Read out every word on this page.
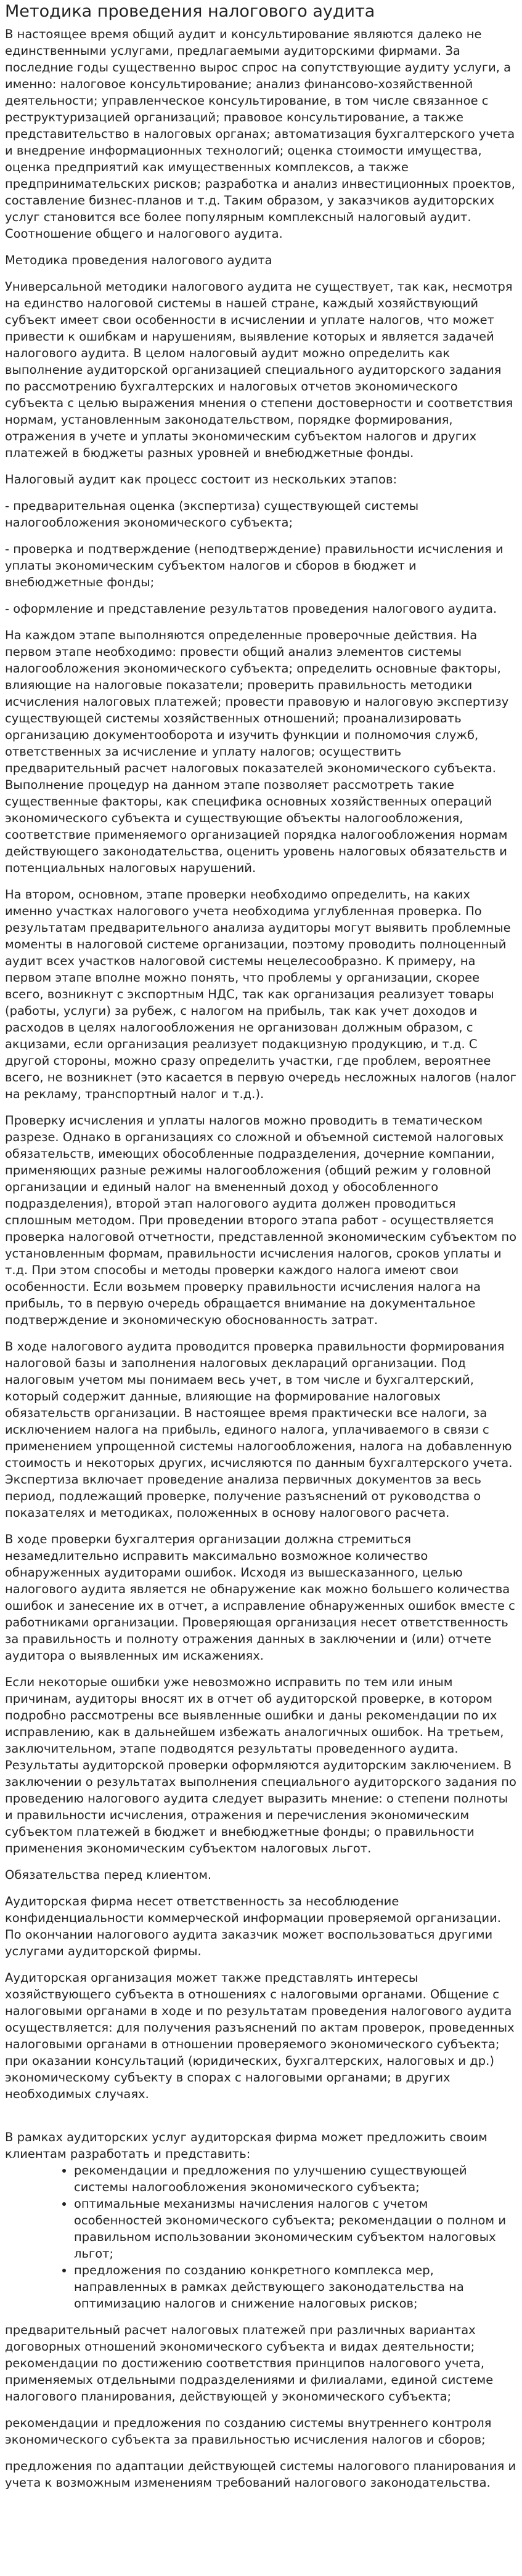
Методика проведения налогового аудита

В настоящее время общий аудит и консультирование являются далеко не единственными услугами, предлагаемыми аудиторскими фирмами. За последние годы существенно вырос спрос на сопутствующие аудиту услуги, а именно: налоговое консультирование; анализ финансово-хозяйственной деятельности; управленческое консультирование, в том числе связанное с реструктуризацией организаций; правовое консультирование, а также представительство в налоговых органах; автоматизация бухгалтерского учета и внедрение информационных технологий; оценка стоимости имущества, оценка предприятий как имущественных комплексов, а также предпринимательских рисков; разработка и анализ инвестиционных проектов, составление бизнес-планов и т.д. Таким образом, у заказчиков аудиторских услуг становится все более популярным комплексный налоговый аудит. Соотношение общего и налогового аудита.

Методика проведения налогового аудита

Универсальной методики налогового аудита не существует, так как, несмотря на единство налоговой системы в нашей стране, каждый хозяйствующий субъект имеет свои особенности в исчислении и уплате налогов, что может привести к ошибкам и нарушениям, выявление которых и является задачей налогового аудита. В целом налоговый аудит можно определить как выполнение аудиторской организацией специального аудиторского задания по рассмотрению бухгалтерских и налоговых отчетов экономического субъекта с целью выражения мнения о степени достоверности и соответствия нормам, установленным законодательством, порядке формирования, отражения в учете и уплаты экономическим субъектом налогов и других платежей в бюджеты разных уровней и внебюджетные фонды.

Налоговый аудит как процесс состоит из нескольких этапов:

- предварительная оценка (экспертиза) существующей системы налогообложения экономического субъекта;

- проверка и подтверждение (неподтверждение) правильности исчисления и уплаты экономическим субъектом налогов и сборов в бюджет и внебюджетные фонды;

- оформление и представление результатов проведения налогового аудита.

На каждом этапе выполняются определенные проверочные действия. На первом этапе необходимо: провести общий анализ элементов системы налогообложения экономического субъекта; определить основные факторы, влияющие на налоговые показатели; проверить правильность методики исчисления налоговых платежей; провести правовую и налоговую экспертизу существующей системы хозяйственных отношений; проанализировать организацию документооборота и изучить функции и полномочия служб, ответственных за исчисление и уплату налогов; осуществить предварительный расчет налоговых показателей экономического субъекта. Выполнение процедур на данном этапе позволяет рассмотреть такие существенные факторы, как специфика основных хозяйственных операций экономического субъекта и существующие объекты налогообложения, соответствие применяемого организацией порядка налогообложения нормам действующего законодательства, оценить уровень налоговых обязательств и потенциальных налоговых нарушений.

На втором, основном, этапе проверки необходимо определить, на каких именно участках налогового учета необходима углубленная проверка. По результатам предварительного анализа аудиторы могут выявить проблемные моменты в налоговой системе организации, поэтому проводить полноценный аудит всех участков налоговой системы нецелесообразно. К примеру, на первом этапе вполне можно понять, что проблемы у организации, скорее всего, возникнут с экспортным НДС, так как организация реализует товары (работы, услуги) за рубеж, с налогом на прибыль, так как учет доходов и расходов в целях налогообложения не организован должным образом, с акцизами, если организация реализует подакцизную продукцию, и т.д. С другой стороны, можно сразу определить участки, где проблем, вероятнее всего, не возникнет (это касается в первую очередь несложных налогов (налог на рекламу, транспортный налог и т.д.).

Проверку исчисления и уплаты налогов можно проводить в тематическом разрезе. Однако в организациях со сложной и объемной системой налоговых обязательств, имеющих обособленные подразделения, дочерние компании, применяющих разные режимы налогообложения (общий режим у головной организации и единый налог на вмененный доход у обособленного подразделения), второй этап налогового аудита должен проводиться сплошным методом. При проведении второго этапа работ - осуществляется проверка налоговой отчетности, представленной экономическим субъектом по установленным формам, правильности исчисления налогов, сроков уплаты и т.д. При этом способы и методы проверки каждого налога имеют свои особенности. Если возьмем проверку правильности исчисления налога на прибыль, то в первую очередь обращается внимание на документальное подтверждение и экономическую обоснованность затрат.

В ходе налогового аудита проводится проверка правильности формирования налоговой базы и заполнения налоговых деклараций организации. Под налоговым учетом мы понимаем весь учет, в том числе и бухгалтерский, который содержит данные, влияющие на формирование налоговых обязательств организации. В настоящее время практически все налоги, за исключением налога на прибыль, единого налога, уплачиваемого в связи с применением упрощенной системы налогообложения, налога на добавленную стоимость и некоторых других, исчисляются по данным бухгалтерского учета. Экспертиза включает проведение анализа первичных документов за весь период, подлежащий проверке, получение разъяснений от руководства о показателях и методиках, положенных в основу налогового расчета.

В ходе проверки бухгалтерия организации должна стремиться незамедлительно исправить максимально возможное количество обнаруженных аудиторами ошибок. Исходя из вышесказанного, целью налогового аудита является не обнаружение как можно большего количества ошибок и занесение их в отчет, а исправление обнаруженных ошибок вместе с работниками организации. Проверяющая организация несет ответственность за правильность и полноту отражения данных в заключении и (или) отчете аудитора о выявленных им искажениях.

Если некоторые ошибки уже невозможно исправить по тем или иным причинам, аудиторы вносят их в отчет об аудиторской проверке, в котором подробно рассмотрены все выявленные ошибки и даны рекомендации по их исправлению, как в дальнейшем избежать аналогичных ошибок. На третьем, заключительном, этапе подводятся результаты проведенного аудита. Результаты аудиторской проверки оформляются аудиторским заключением. В заключении о результатах выполнения специального аудиторского задания по проведению налогового аудита следует выразить мнение: о степени полноты и правильности исчисления, отражения и перечисления экономическим субъектом платежей в бюджет и внебюджетные фонды; о правильности применения экономическим субъектом налоговых льгот.

Обязательства перед клиентом.

Аудиторская фирма несет ответственность за несоблюдение конфиденциальности коммерческой информации проверяемой организации. По окончании налогового аудита заказчик может воспользоваться другими услугами аудиторской фирмы.

Аудиторская организация может также представлять интересы хозяйствующего субъекта в отношениях с налоговыми органами. Общение с налоговыми органами в ходе и по результатам проведения налогового аудита осуществляется: для получения разъяснений по актам проверок, проведенных налоговыми органами в отношении проверяемого экономического субъекта; при оказании консультаций (юридических, бухгалтерских, налоговых и др.) экономическому субъекту в спорах с налоговыми органами; в других необходимых случаях.

В рамках аудиторских услуг аудиторская фирма может предложить своим клиентам разработать и представить:

• рекомендации и предложения по улучшению существующей системы налогообложения экономического субъекта;
• оптимальные механизмы начисления налогов с учетом особенностей экономического субъекта; рекомендации о полном и правильном использовании экономическим субъектом налоговых льгот;
• предложения по созданию конкретного комплекса мер, направленных в рамках действующего законодательства на оптимизацию налогов и снижение налоговых рисков;

предварительный расчет налоговых платежей при различных вариантах договорных отношений экономического субъекта и видах деятельности; рекомендации по достижению соответствия принципов налогового учета, применяемых отдельными подразделениями и филиалами, единой системе налогового планирования, действующей у экономического субъекта;

рекомендации и предложения по созданию системы внутреннего контроля экономического субъекта за правильностью исчисления налогов и сборов;

предложения по адаптации действующей системы налогового планирования и учета к возможным изменениям требований налогового законодательства.
